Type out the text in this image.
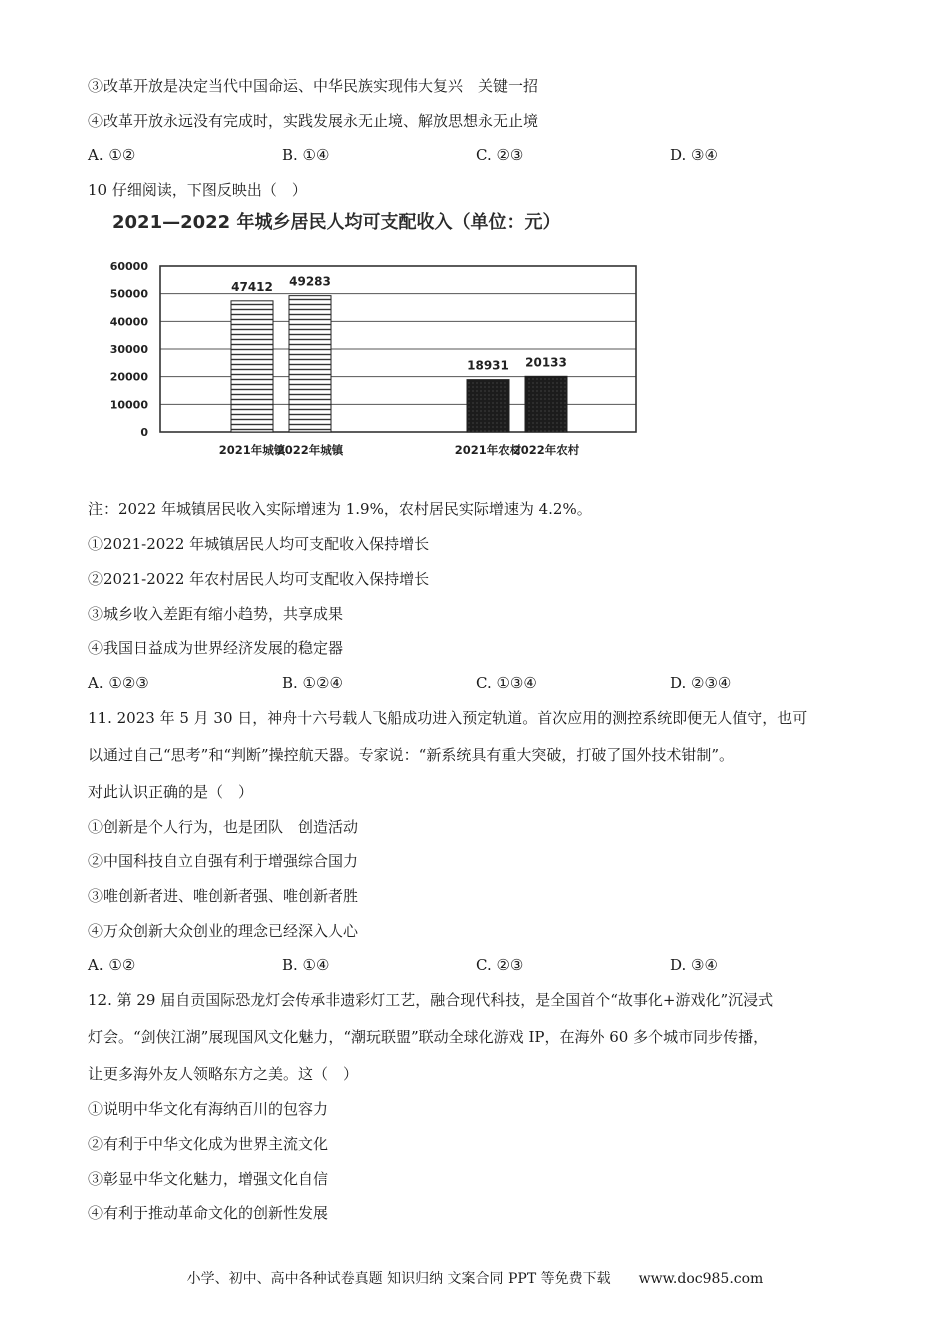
③改革开放是决定当代中国命运、中华民族实现伟大复兴　关键一招
④改革开放永远没有完成时，实践发展永无止境、解放思想永无止境
A. ①②	B. ①④	C. ②③	D. ③④
10 仔细阅读，下图反映出（　）
2021—2022 年城乡居民人均可支配收入（单位：元）
0
10000
20000
30000
40000
50000
60000
47412
2021年城镇
49283
2022年城镇
18931
2021年农村
20133
2022年农村
注：2022 年城镇居民收入实际增速为 1.9%，农村居民实际增速为 4.2%。
①2021-2022 年城镇居民人均可支配收入保持增长
②2021-2022 年农村居民人均可支配收入保持增长
③城乡收入差距有缩小趋势，共享成果
④我国日益成为世界经济发展的稳定器
A. ①②③	B. ①②④	C. ①③④	D. ②③④
11. 2023 年 5 月 30 日，神舟十六号载人飞船成功进入预定轨道。首次应用的测控系统即便无人值守，也可
以通过自己“思考”和“判断”操控航天器。专家说：“新系统具有重大突破，打破了国外技术钳制”。
对此认识正确的是（　）
①创新是个人行为，也是团队　创造活动
②中国科技自立自强有利于增强综合国力
③唯创新者进、唯创新者强、唯创新者胜
④万众创新大众创业的理念已经深入人心
A. ①②	B. ①④	C. ②③	D. ③④
12. 第 29 届自贡国际恐龙灯会传承非遗彩灯工艺，融合现代科技，是全国首个“故事化+游戏化”沉浸式
灯会。“剑侠江湖”展现国风文化魅力，“潮玩联盟”联动全球化游戏 IP，在海外 60 多个城市同步传播，
让更多海外友人领略东方之美。这（　）
①说明中华文化有海纳百川的包容力
②有利于中华文化成为世界主流文化
③彰显中华文化魅力，增强文化自信
④有利于推动革命文化的创新性发展
小学、初中、高中各种试卷真题 知识归纳 文案合同 PPT 等免费下载　　www.doc985.com
